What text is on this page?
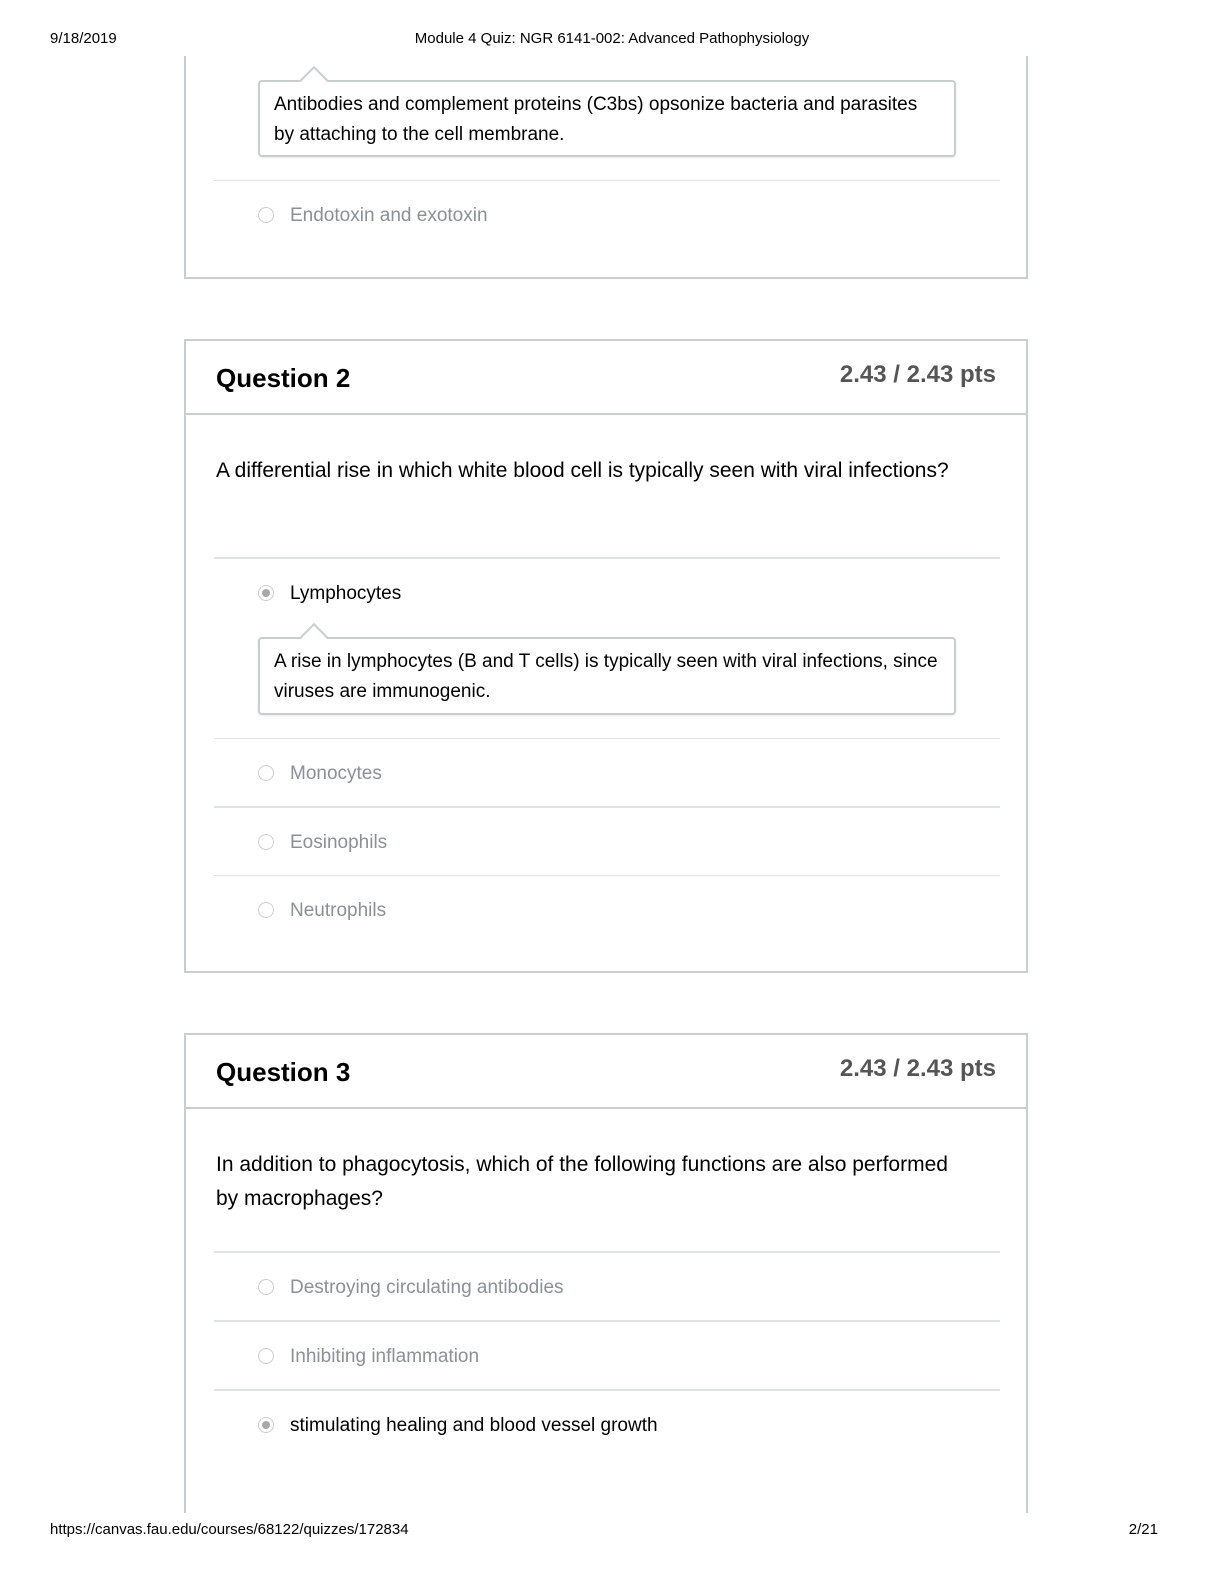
9/18/2019	Module 4 Quiz: NGR 6141-002: Advanced Pathophysiology
Antibodies and complement proteins (C3bs) opsonize bacteria and parasites by attaching to the cell membrane.
Endotoxin and exotoxin
Question 2	2.43 / 2.43 pts
A differential rise in which white blood cell is typically seen with viral infections?
Lymphocytes
A rise in lymphocytes (B and T cells) is typically seen with viral infections, since viruses are immunogenic.
Monocytes
Eosinophils
Neutrophils
Question 3	2.43 / 2.43 pts
In addition to phagocytosis, which of the following functions are also performed by macrophages?
Destroying circulating antibodies
Inhibiting inflammation
stimulating healing and blood vessel growth
https://canvas.fau.edu/courses/68122/quizzes/172834	2/21
